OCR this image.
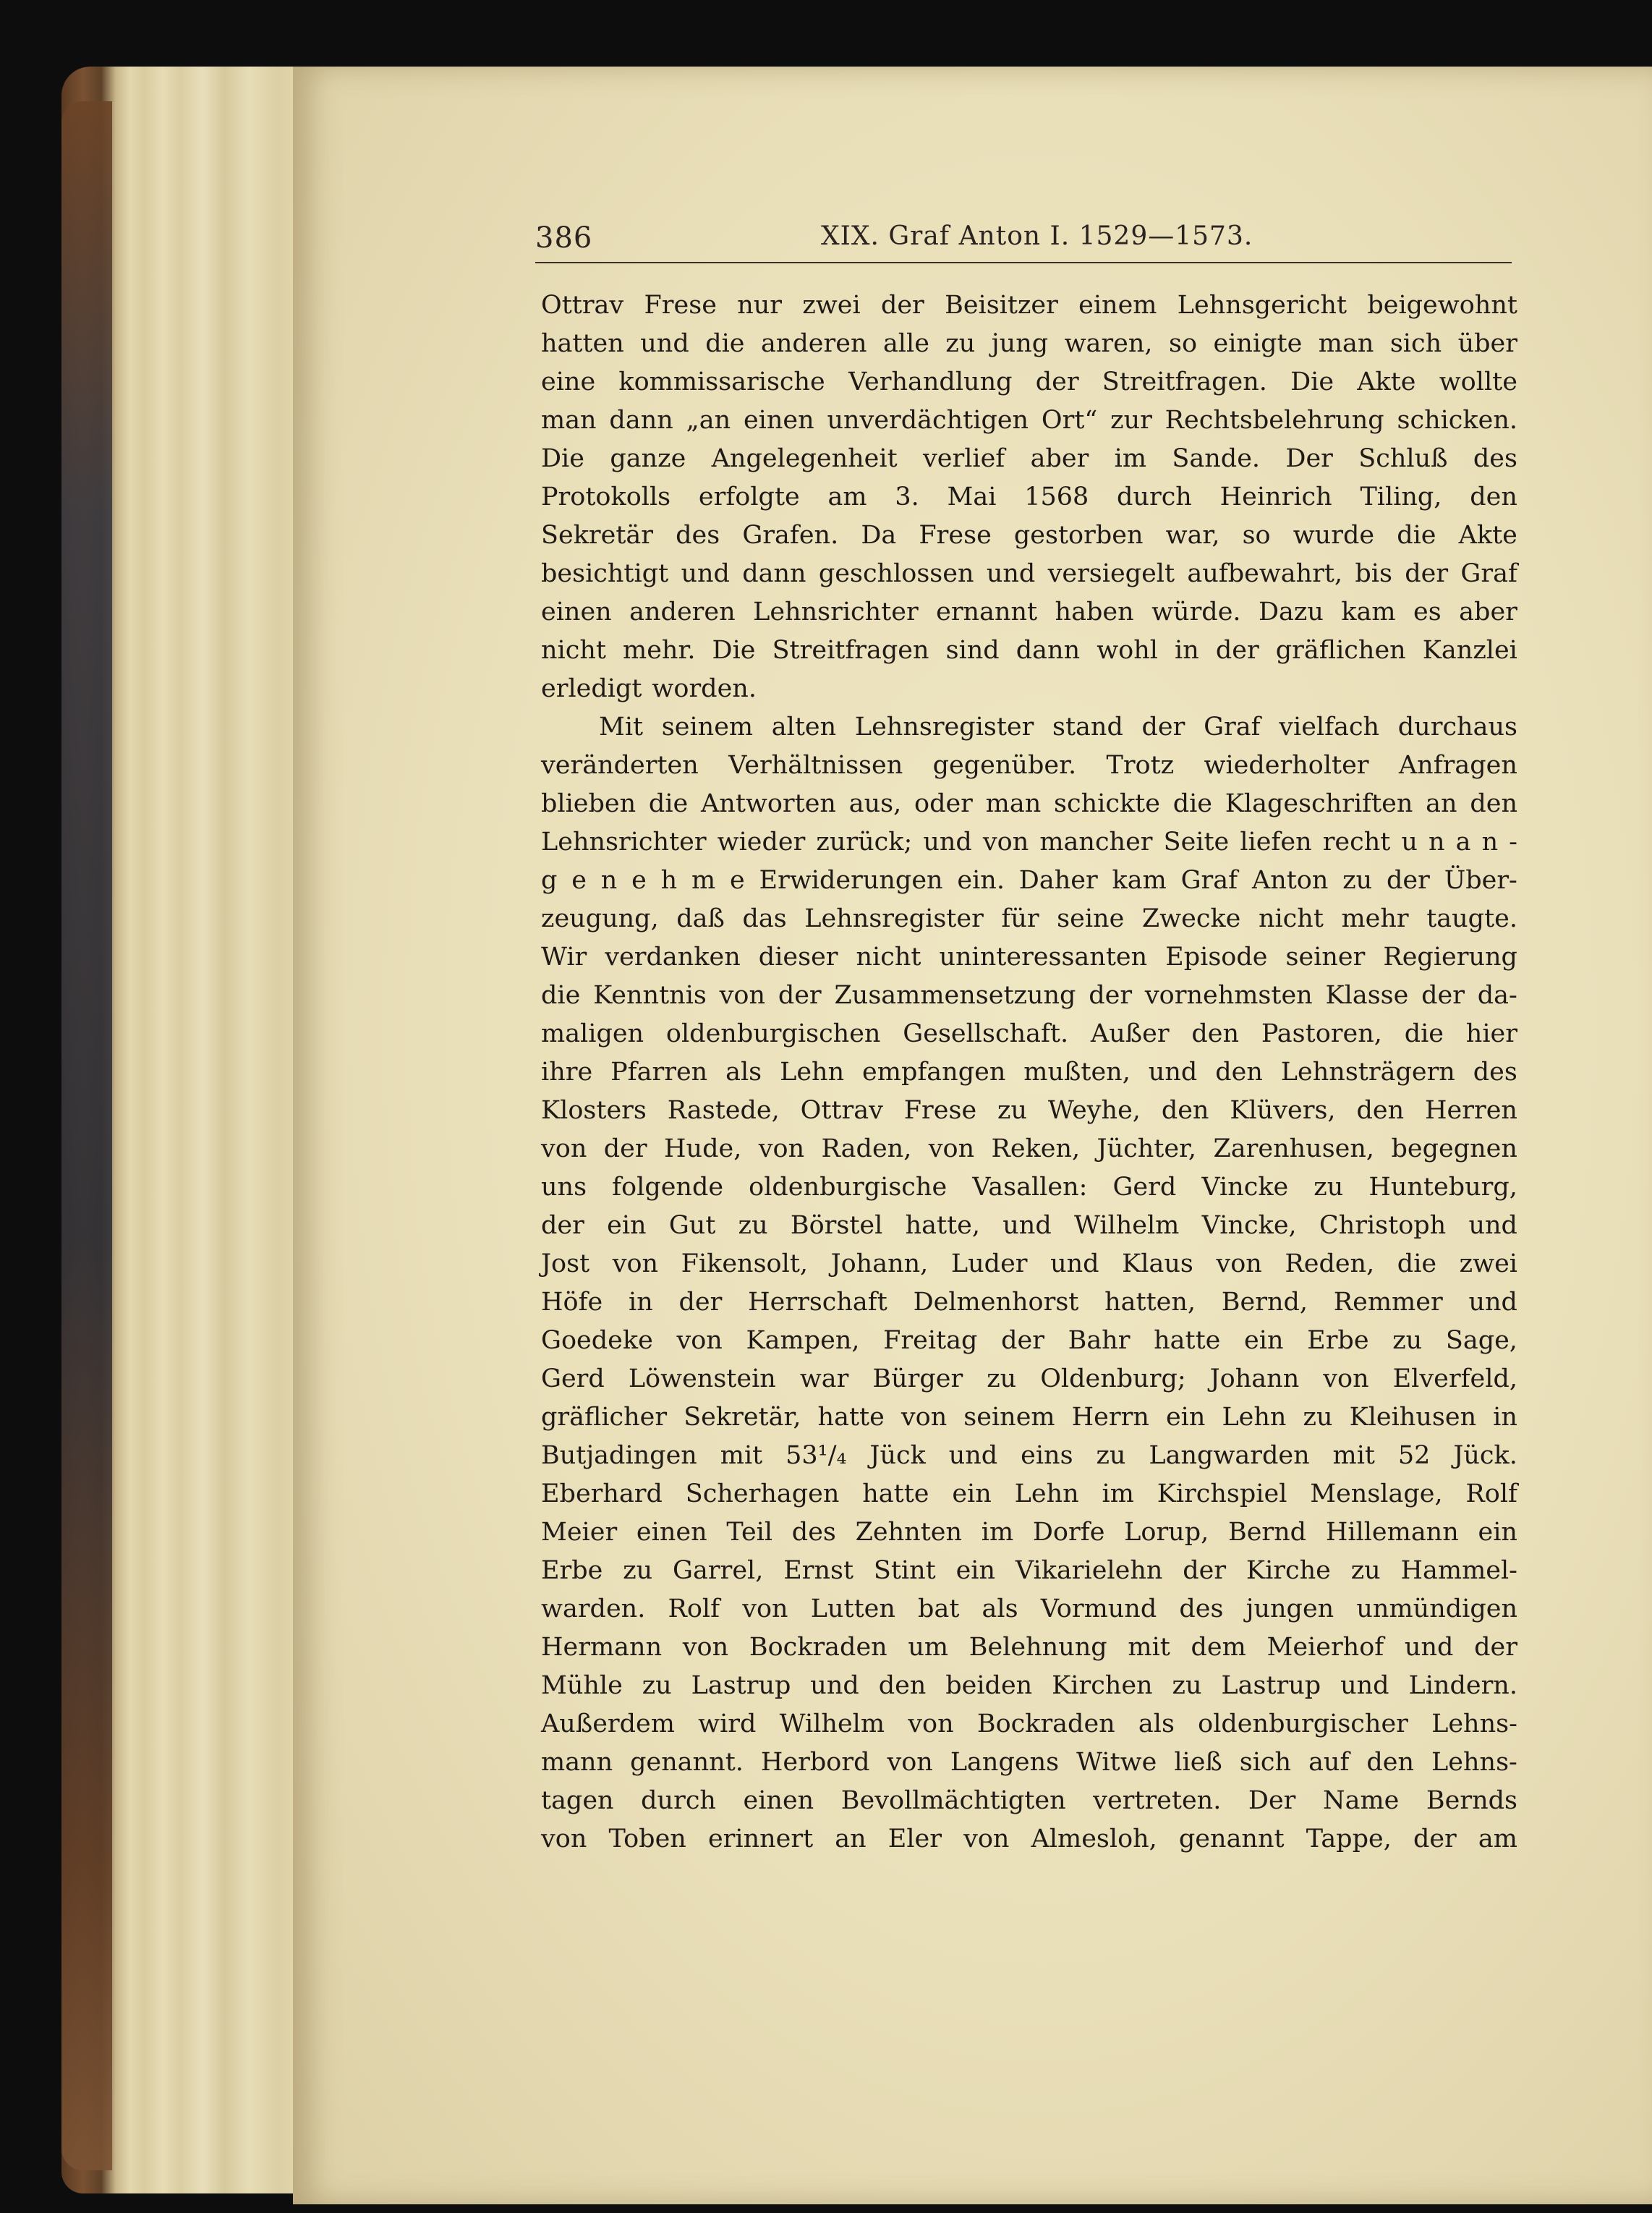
386	XIX. Graf Anton I. 1529—1573.
Ottrav Frese nur zwei der Beisitzer einem Lehnsgericht beigewohnt
hatten und die anderen alle zu jung waren, so einigte man sich über
eine kommissarische Verhandlung der Streitfragen. Die Akte wollte
man dann „an einen unverdächtigen Ort“ zur Rechtsbelehrung schicken.
Die ganze Angelegenheit verlief aber im Sande. Der Schluß des
Protokolls erfolgte am 3. Mai 1568 durch Heinrich Tiling, den
Sekretär des Grafen. Da Frese gestorben war, so wurde die Akte
besichtigt und dann geschlossen und versiegelt aufbewahrt, bis der Graf
einen anderen Lehnsrichter ernannt haben würde. Dazu kam es aber
nicht mehr. Die Streitfragen sind dann wohl in der gräflichen Kanzlei
erledigt worden.
Mit seinem alten Lehnsregister stand der Graf vielfach durchaus
veränderten Verhältnissen gegenüber. Trotz wiederholter Anfragen
blieben die Antworten aus, oder man schickte die Klageschriften an den
Lehnsrichter wieder zurück; und von mancher Seite liefen recht u n a n -
g e n e h m e Erwiderungen ein. Daher kam Graf Anton zu der Über-
zeugung, daß das Lehnsregister für seine Zwecke nicht mehr taugte.
Wir verdanken dieser nicht uninteressanten Episode seiner Regierung
die Kenntnis von der Zusammensetzung der vornehmsten Klasse der da-
maligen oldenburgischen Gesellschaft. Außer den Pastoren, die hier
ihre Pfarren als Lehn empfangen mußten, und den Lehnsträgern des
Klosters Rastede, Ottrav Frese zu Weyhe, den Klüvers, den Herren
von der Hude, von Raden, von Reken, Jüchter, Zarenhusen, begegnen
uns folgende oldenburgische Vasallen: Gerd Vincke zu Hunteburg,
der ein Gut zu Börstel hatte, und Wilhelm Vincke, Christoph und
Jost von Fikensolt, Johann, Luder und Klaus von Reden, die zwei
Höfe in der Herrschaft Delmenhorst hatten, Bernd, Remmer und
Goedeke von Kampen, Freitag der Bahr hatte ein Erbe zu Sage,
Gerd Löwenstein war Bürger zu Oldenburg; Johann von Elverfeld,
gräflicher Sekretär, hatte von seinem Herrn ein Lehn zu Kleihusen in
Butjadingen mit 53¹/₄ Jück und eins zu Langwarden mit 52 Jück.
Eberhard Scherhagen hatte ein Lehn im Kirchspiel Menslage, Rolf
Meier einen Teil des Zehnten im Dorfe Lorup, Bernd Hillemann ein
Erbe zu Garrel, Ernst Stint ein Vikarielehn der Kirche zu Hammel-
warden. Rolf von Lutten bat als Vormund des jungen unmündigen
Hermann von Bockraden um Belehnung mit dem Meierhof und der
Mühle zu Lastrup und den beiden Kirchen zu Lastrup und Lindern.
Außerdem wird Wilhelm von Bockraden als oldenburgischer Lehns-
mann genannt. Herbord von Langens Witwe ließ sich auf den Lehns-
tagen durch einen Bevollmächtigten vertreten. Der Name Bernds
von Toben erinnert an Eler von Almesloh, genannt Tappe, der am
